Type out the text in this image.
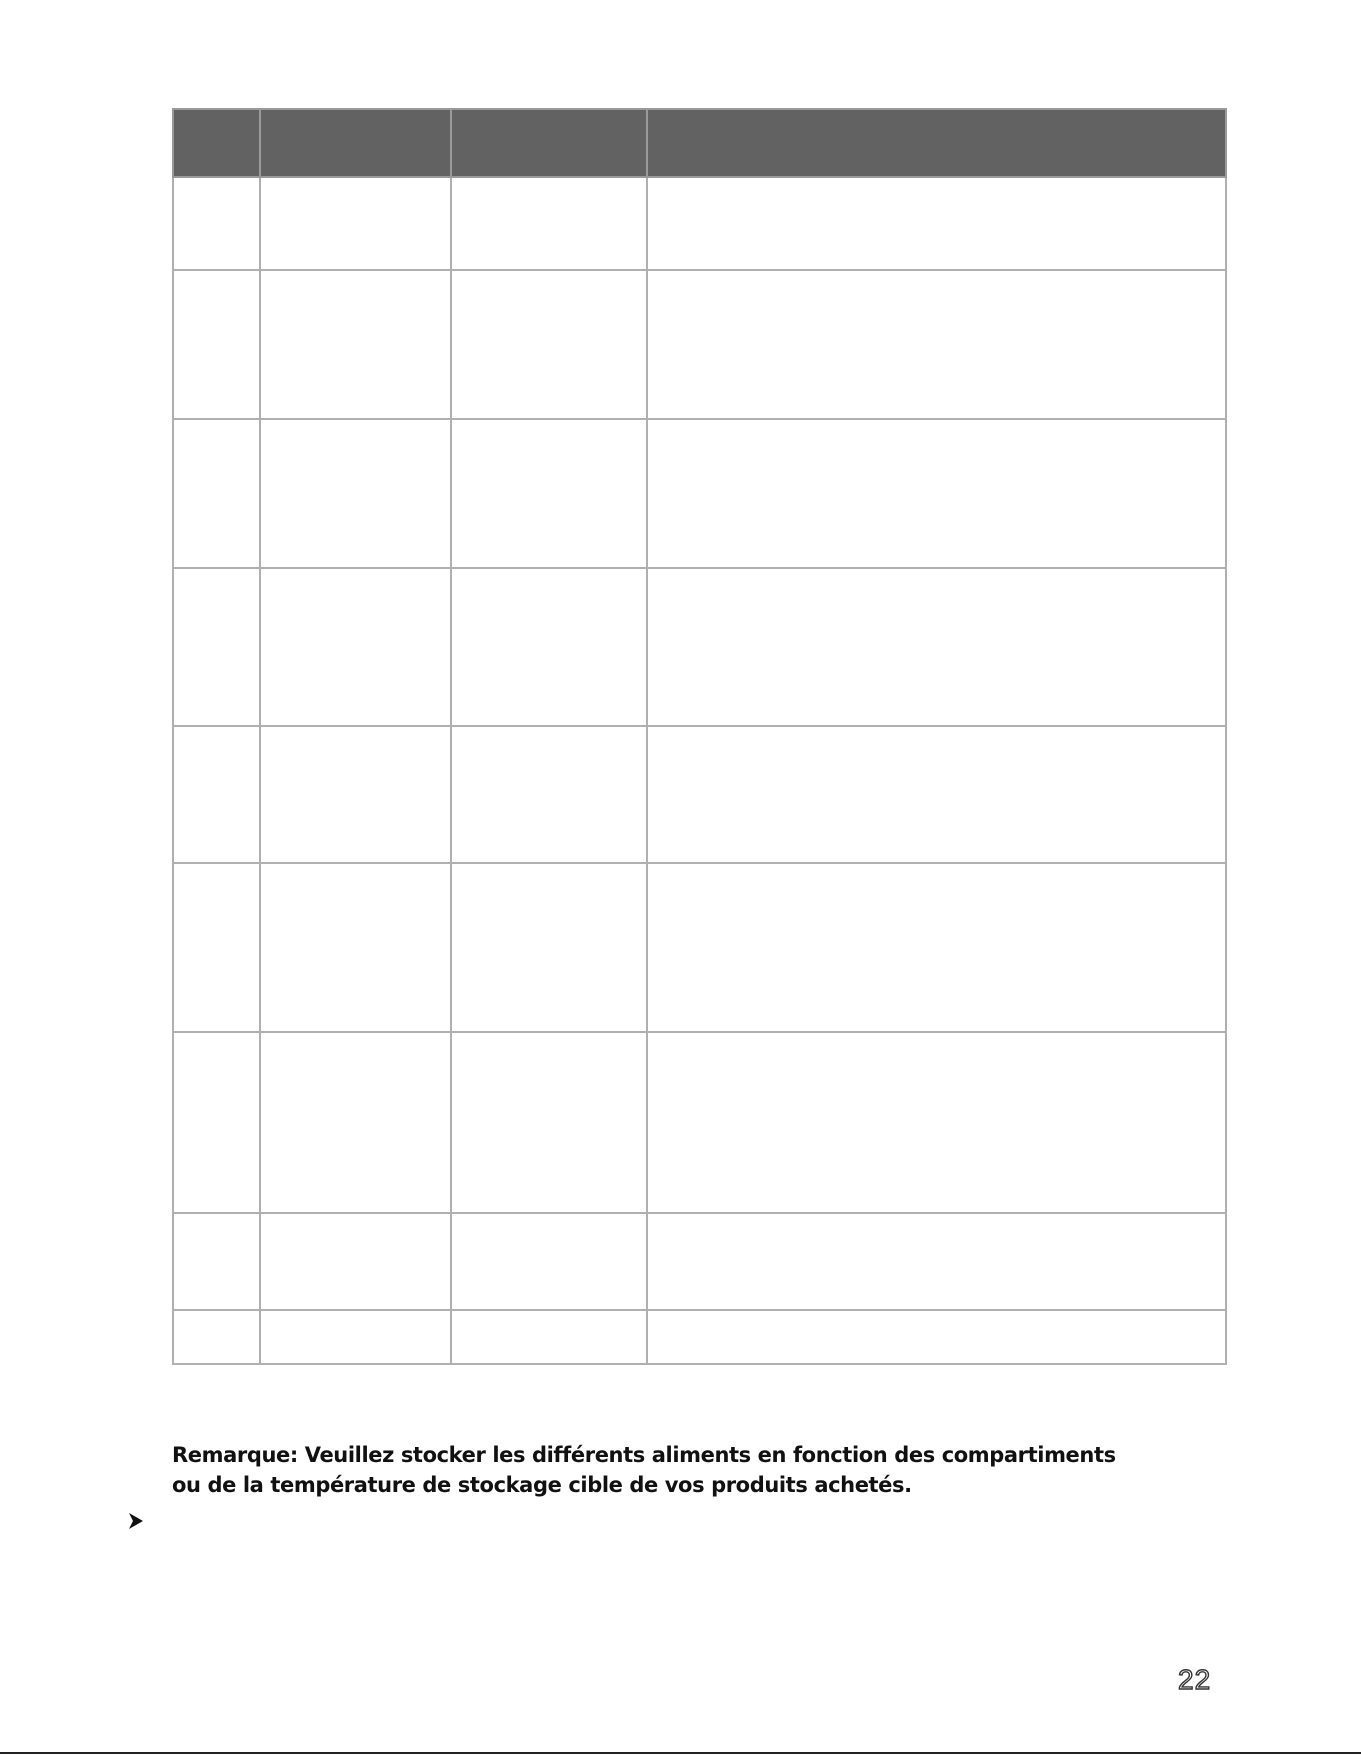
Remarque: Veuillez stocker les différents aliments en fonction des compartiments

ou de la température de stockage cible de vos produits achetés.

22
